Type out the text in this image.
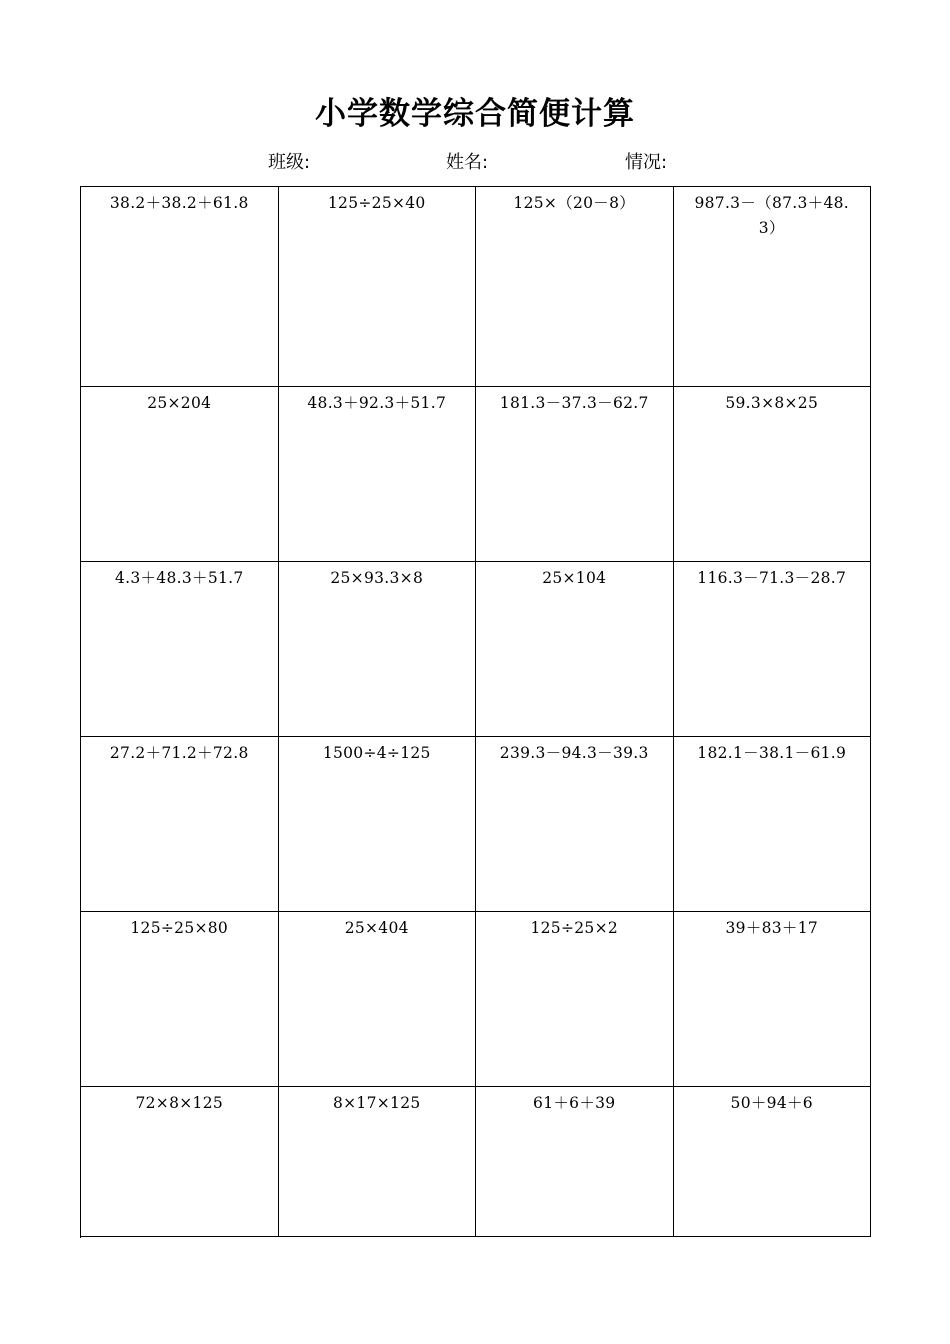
小学数学综合简便计算
班级:	姓名:	情况:
38.2＋38.2＋61.8	125÷25×40	125×（20－8）	987.3－（87.3＋48.3）
25×204	48.3＋92.3＋51.7	181.3－37.3－62.7	59.3×8×25
4.3＋48.3＋51.7	25×93.3×8	25×104	116.3－71.3－28.7
27.2＋71.2＋72.8	1500÷4÷125	239.3－94.3－39.3	182.1－38.1－61.9
125÷25×80	25×404	125÷25×2	39＋83＋17
72×8×125	8×17×125	61＋6＋39	50＋94＋6
